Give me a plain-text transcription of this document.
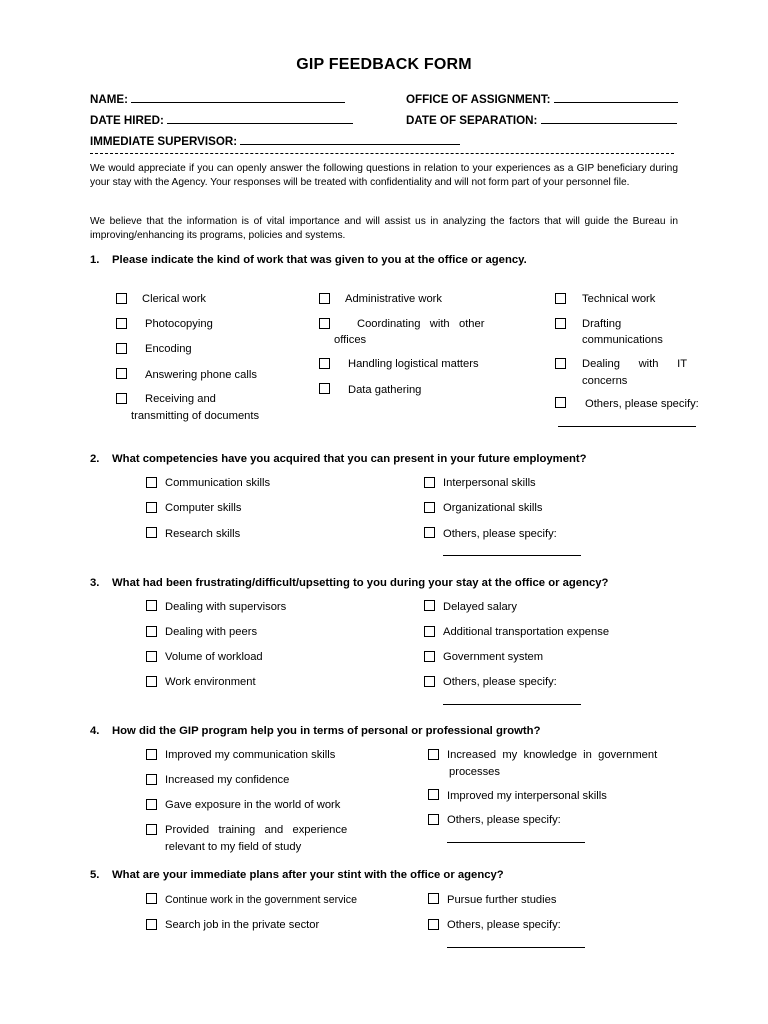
GIP FEEDBACK FORM
NAME:	OFFICE OF ASSIGNMENT:
DATE HIRED:	DATE OF SEPARATION:
IMMEDIATE SUPERVISOR:
We would appreciate if you can openly answer the following questions in relation to your experiences as a GIP beneficiary during your stay with the Agency. Your responses will be treated with confidentiality and will not form part of your personnel file.
We believe that the information is of vital importance and will assist us in analyzing the factors that will guide the Bureau in improving/enhancing its programs, policies and systems.
1. Please indicate the kind of work that was given to you at the office or agency.
Clerical work
Photocopying
Encoding
Answering phone calls
Receiving and
transmitting of documents
Administrative work
Coordinating   with   other
offices
Handling logistical matters
Data gathering
Technical work
Drafting
communications
Dealing      with      IT
concerns
Others, please specify:
2. What competencies have you acquired that you can present in your future employment?
Communication skills
Computer skills
Research skills
Interpersonal skills
Organizational skills
Others, please specify:
3. What had been frustrating/difficult/upsetting to you during your stay at the office or agency?
Dealing with supervisors
Dealing with peers
Volume of workload
Work environment
Delayed salary
Additional transportation expense
Government system
Others, please specify:
4. How did the GIP program help you in terms of personal or professional growth?
Improved my communication skills
Increased my confidence
Gave exposure in the world of work
Provided   training   and   experience
relevant to my field of study
Increased  my  knowledge  in  government
processes
Improved my interpersonal skills
Others, please specify:
5. What are your immediate plans after your stint with the office or agency?
Continue work in the government service
Search job in the private sector
Pursue further studies
Others, please specify:
